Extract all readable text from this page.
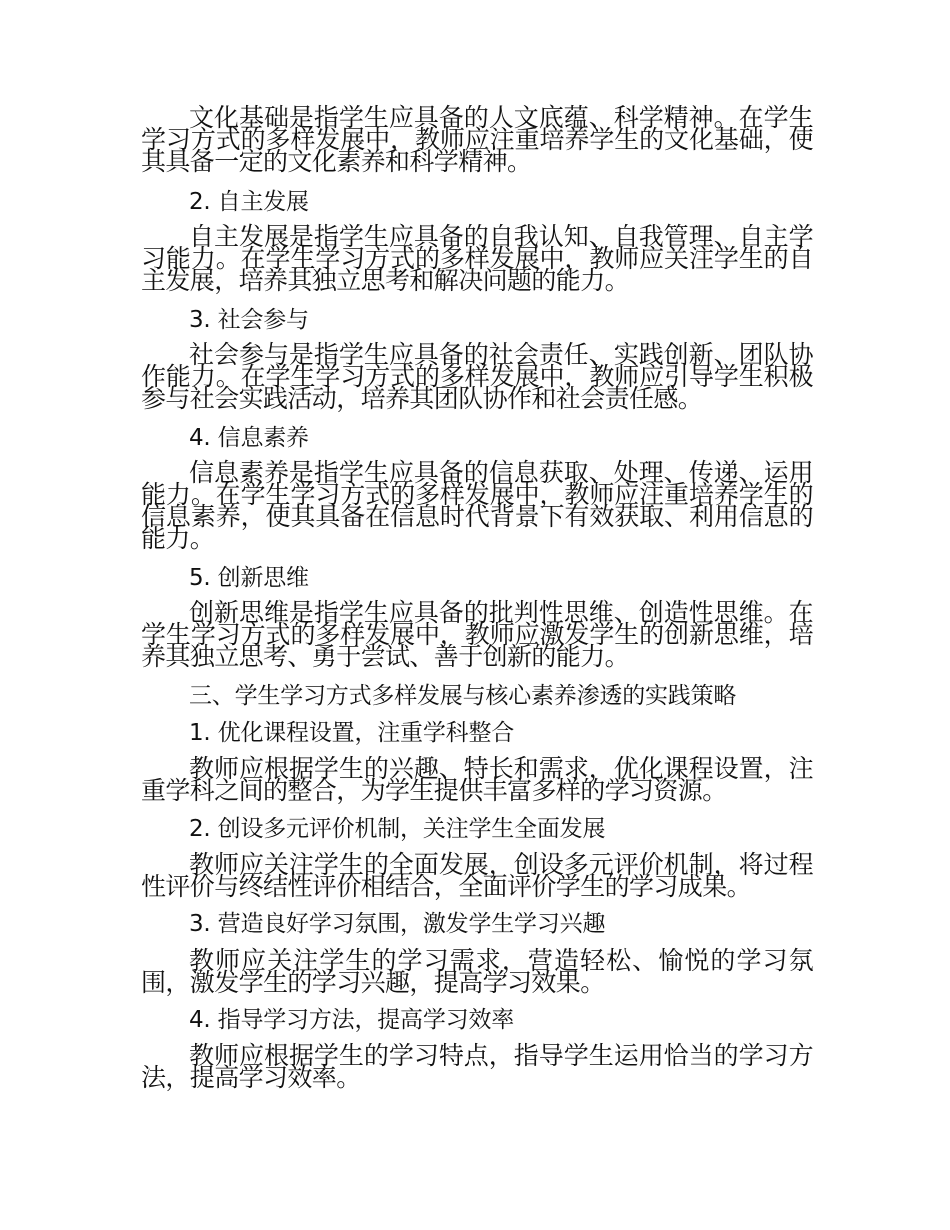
文化基础是指学生应具备的人文底蕴、科学精神。在学生学习方式的多样发展中，教师应注重培养学生的文化基础，使其具备一定的文化素养和科学精神。

2. 自主发展

自主发展是指学生应具备的自我认知、自我管理、自主学习能力。在学生学习方式的多样发展中，教师应关注学生的自主发展，培养其独立思考和解决问题的能力。

3. 社会参与

社会参与是指学生应具备的社会责任、实践创新、团队协作能力。在学生学习方式的多样发展中，教师应引导学生积极参与社会实践活动，培养其团队协作和社会责任感。

4. 信息素养

信息素养是指学生应具备的信息获取、处理、传递、运用能力。在学生学习方式的多样发展中，教师应注重培养学生的信息素养，使其具备在信息时代背景下有效获取、利用信息的能力。

5. 创新思维

创新思维是指学生应具备的批判性思维、创造性思维。在学生学习方式的多样发展中，教师应激发学生的创新思维，培养其独立思考、勇于尝试、善于创新的能力。

三、学生学习方式多样发展与核心素养渗透的实践策略

1. 优化课程设置，注重学科整合

教师应根据学生的兴趣、特长和需求，优化课程设置，注重学科之间的整合，为学生提供丰富多样的学习资源。

2. 创设多元评价机制，关注学生全面发展

教师应关注学生的全面发展，创设多元评价机制，将过程性评价与终结性评价相结合，全面评价学生的学习成果。

3. 营造良好学习氛围，激发学生学习兴趣

教师应关注学生的学习需求，营造轻松、愉悦的学习氛围，激发学生的学习兴趣，提高学习效果。

4. 指导学习方法，提高学习效率

教师应根据学生的学习特点，指导学生运用恰当的学习方法，提高学习效率。
